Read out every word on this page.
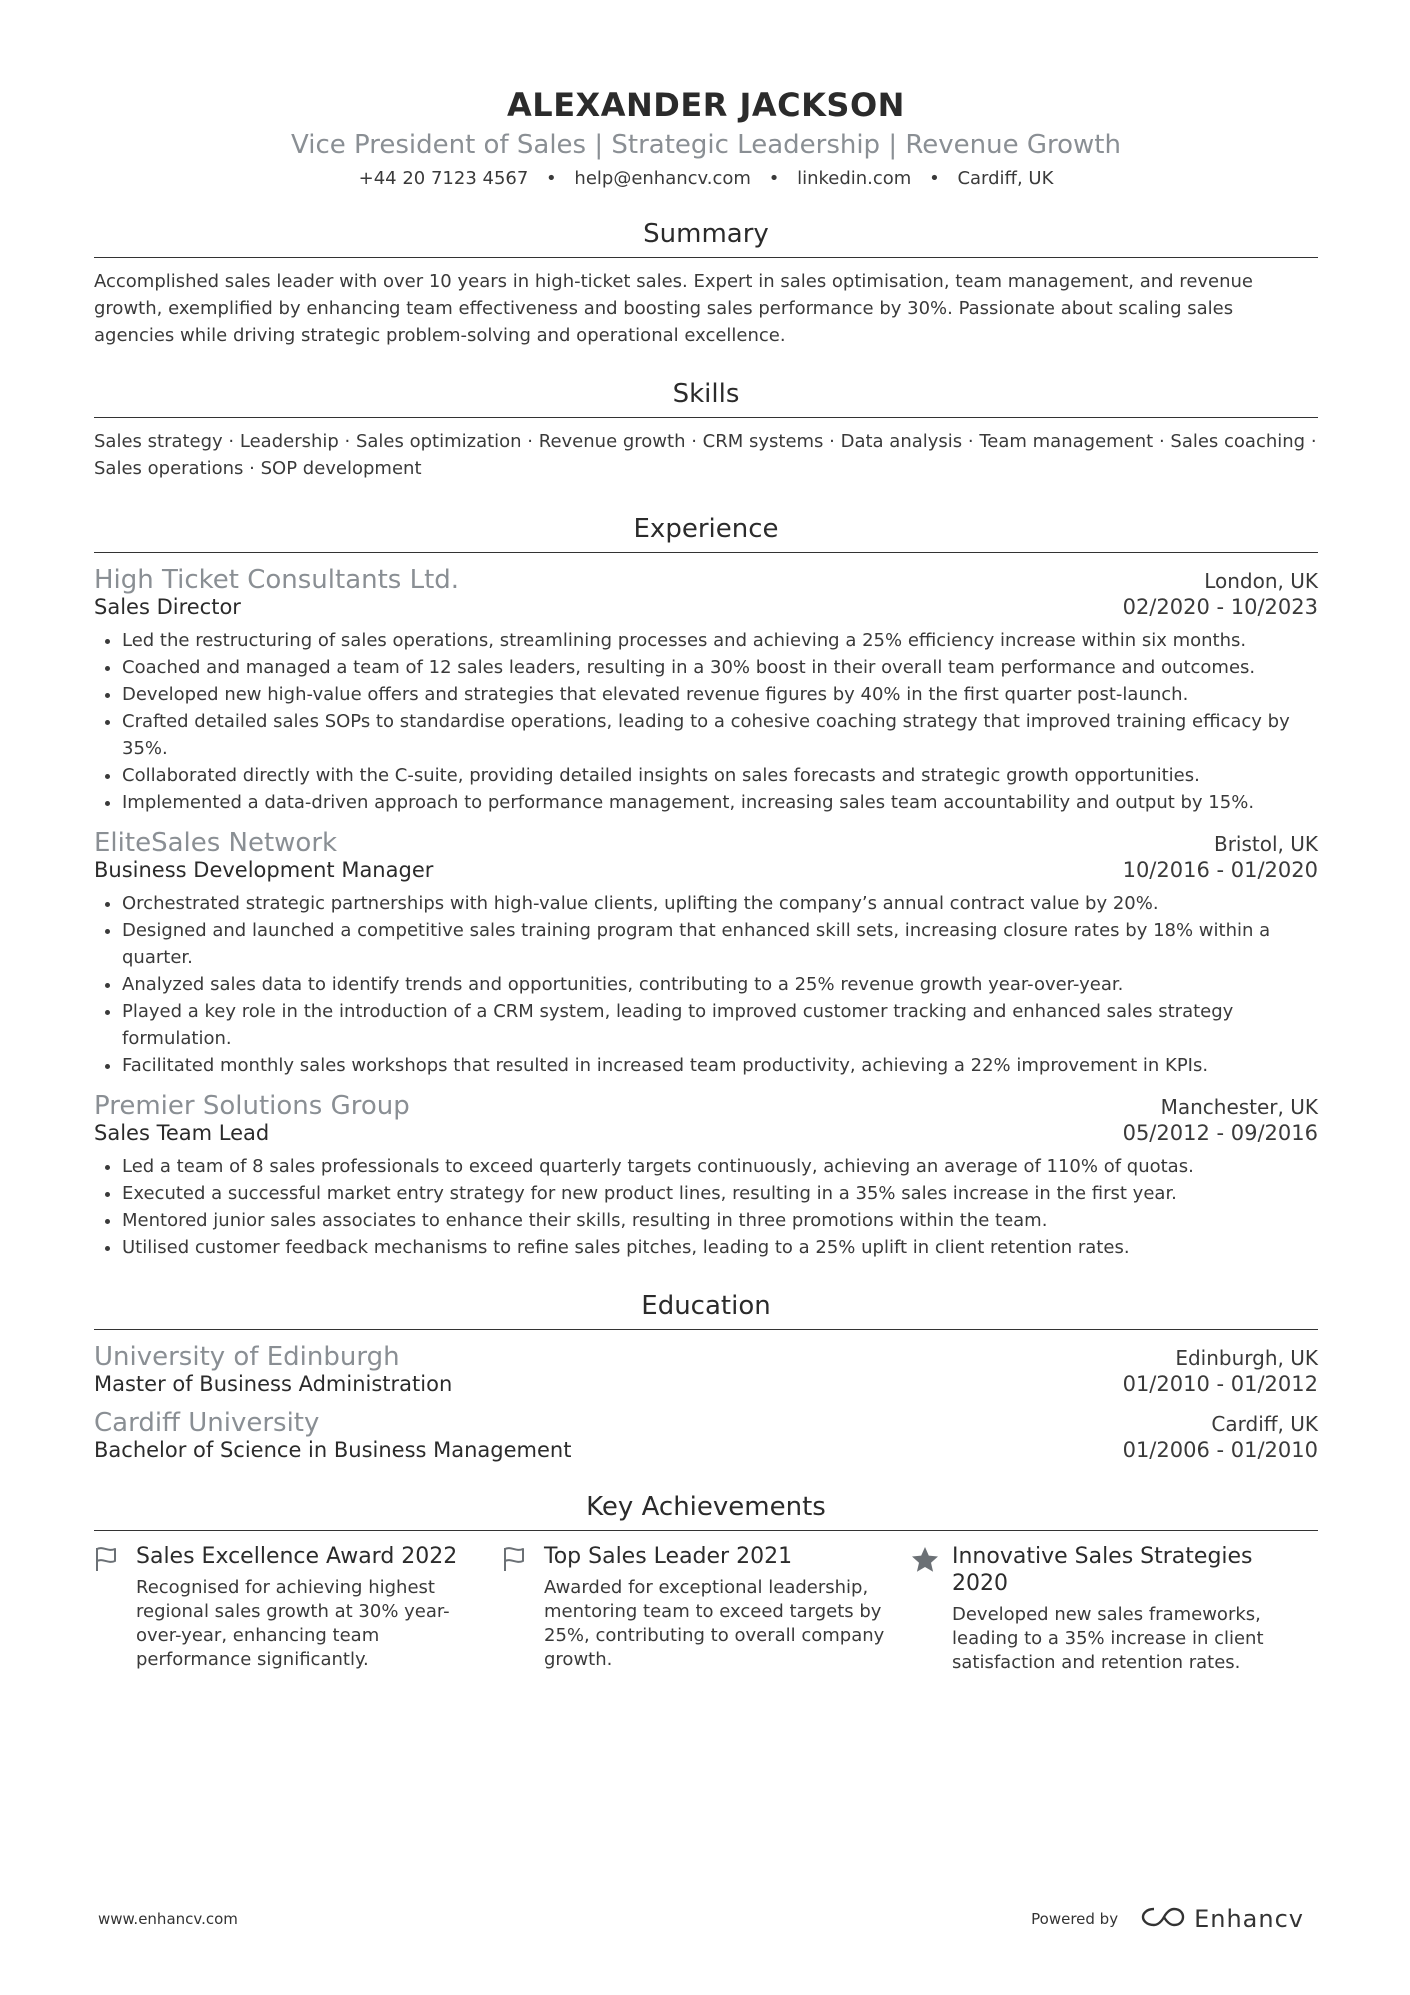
ALEXANDER JACKSON
Vice President of Sales | Strategic Leadership | Revenue Growth
+44 20 7123 4567 • help@enhancv.com • linkedin.com • Cardiff, UK
Summary
Accomplished sales leader with over 10 years in high-ticket sales. Expert in sales optimisation, team management, and revenue growth, exemplified by enhancing team effectiveness and boosting sales performance by 30%. Passionate about scaling sales agencies while driving strategic problem-solving and operational excellence.
Skills
Sales strategy · Leadership · Sales optimization · Revenue growth · CRM systems · Data analysis · Team management · Sales coaching · Sales operations · SOP development
Experience
High Ticket Consultants Ltd.	London, UK
Sales Director	02/2020 - 10/2023
• Led the restructuring of sales operations, streamlining processes and achieving a 25% efficiency increase within six months.
• Coached and managed a team of 12 sales leaders, resulting in a 30% boost in their overall team performance and outcomes.
• Developed new high-value offers and strategies that elevated revenue figures by 40% in the first quarter post-launch.
• Crafted detailed sales SOPs to standardise operations, leading to a cohesive coaching strategy that improved training efficacy by 35%.
• Collaborated directly with the C-suite, providing detailed insights on sales forecasts and strategic growth opportunities.
• Implemented a data-driven approach to performance management, increasing sales team accountability and output by 15%.
EliteSales Network	Bristol, UK
Business Development Manager	10/2016 - 01/2020
• Orchestrated strategic partnerships with high-value clients, uplifting the company’s annual contract value by 20%.
• Designed and launched a competitive sales training program that enhanced skill sets, increasing closure rates by 18% within a quarter.
• Analyzed sales data to identify trends and opportunities, contributing to a 25% revenue growth year-over-year.
• Played a key role in the introduction of a CRM system, leading to improved customer tracking and enhanced sales strategy formulation.
• Facilitated monthly sales workshops that resulted in increased team productivity, achieving a 22% improvement in KPIs.
Premier Solutions Group	Manchester, UK
Sales Team Lead	05/2012 - 09/2016
• Led a team of 8 sales professionals to exceed quarterly targets continuously, achieving an average of 110% of quotas.
• Executed a successful market entry strategy for new product lines, resulting in a 35% sales increase in the first year.
• Mentored junior sales associates to enhance their skills, resulting in three promotions within the team.
• Utilised customer feedback mechanisms to refine sales pitches, leading to a 25% uplift in client retention rates.
Education
University of Edinburgh	Edinburgh, UK
Master of Business Administration	01/2010 - 01/2012
Cardiff University	Cardiff, UK
Bachelor of Science in Business Management	01/2006 - 01/2010
Key Achievements
Sales Excellence Award 2022
Recognised for achieving highest regional sales growth at 30% year-over-year, enhancing team performance significantly.
Top Sales Leader 2021
Awarded for exceptional leadership, mentoring team to exceed targets by 25%, contributing to overall company growth.
Innovative Sales Strategies 2020
Developed new sales frameworks, leading to a 35% increase in client satisfaction and retention rates.
www.enhancv.com	Powered by	Enhancv
